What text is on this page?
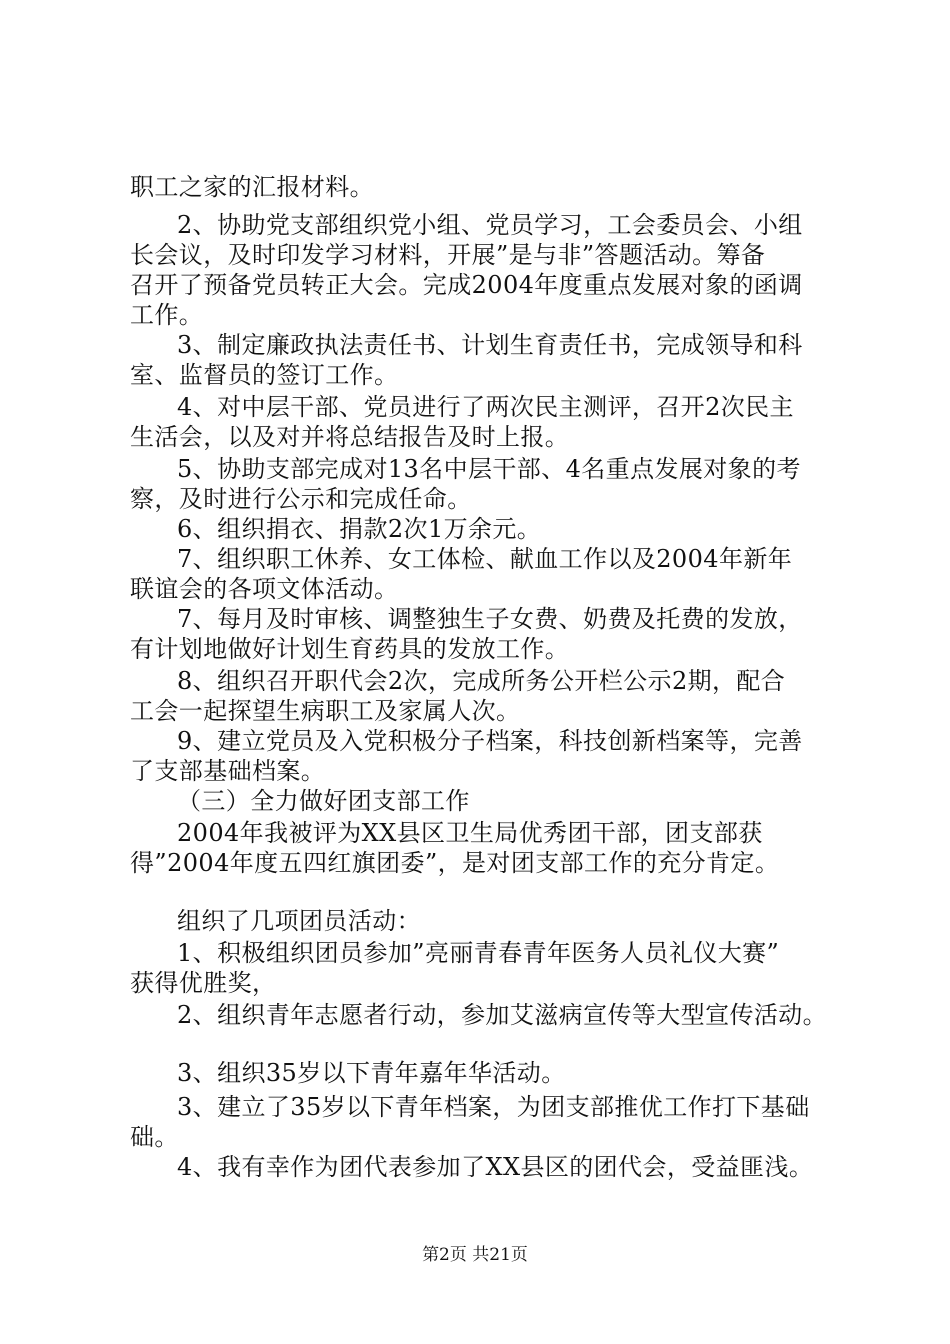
职工之家的汇报材料。
2、协助党支部组织党小组、党员学习，工会委员会、小组
长会议，及时印发学习材料，开展”是与非”答题活动。筹备
召开了预备党员转正大会。完成2004年度重点发展对象的函调
工作。
3、制定廉政执法责任书、计划生育责任书，完成领导和科
室、监督员的签订工作。
4、对中层干部、党员进行了两次民主测评，召开2次民主
生活会，以及对并将总结报告及时上报。
5、协助支部完成对13名中层干部、4名重点发展对象的考
察，及时进行公示和完成任命。
6、组织捐衣、捐款2次1万余元。
7、组织职工休养、女工体检、献血工作以及2004年新年
联谊会的各项文体活动。
7、每月及时审核、调整独生子女费、奶费及托费的发放，
有计划地做好计划生育药具的发放工作。
8、组织召开职代会2次，完成所务公开栏公示2期，配合
工会一起探望生病职工及家属人次。
9、建立党员及入党积极分子档案，科技创新档案等，完善
了支部基础档案。
（三）全力做好团支部工作
2004年我被评为XX县区卫生局优秀团干部，团支部获
得”2004年度五四红旗团委”，是对团支部工作的充分肯定。
组织了几项团员活动：
1、积极组织团员参加”亮丽青春青年医务人员礼仪大赛”
获得优胜奖，
2、组织青年志愿者行动，参加艾滋病宣传等大型宣传活动。
3、组织35岁以下青年嘉年华活动。
3、建立了35岁以下青年档案，为团支部推优工作打下基础
础。
4、我有幸作为团代表参加了XX县区的团代会，受益匪浅。
第2页 共21页
